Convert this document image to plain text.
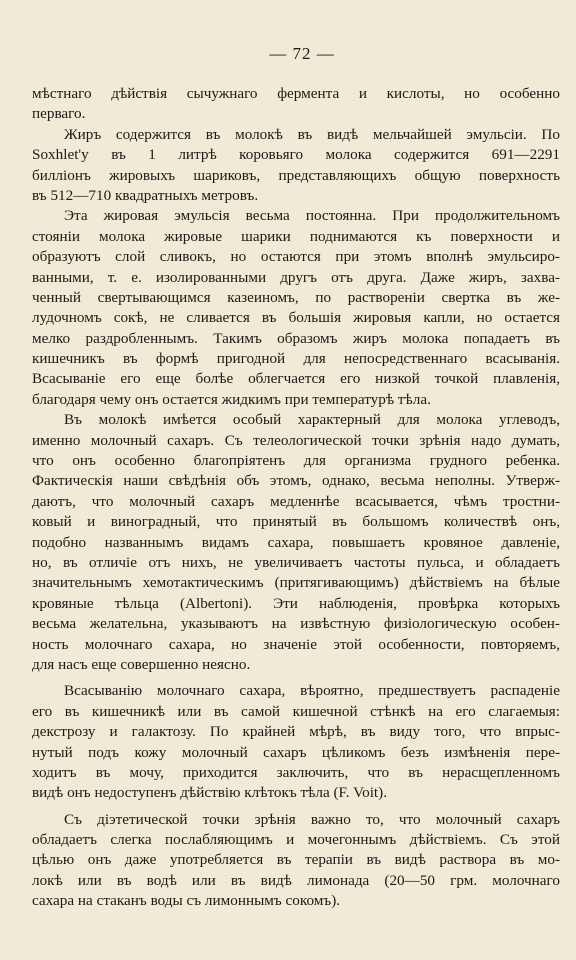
— 72 —
мѣстнаго дѣйствія сычужнаго фермента и кислоты, но особенно
перваго.
Жиръ содержится въ молокѣ въ видѣ мельчайшей эмульсіи. По
Soxhlet'у въ 1 литрѣ коровьяго молока содержится 691—2291
билліонъ жировыхъ шариковъ, представляющихъ общую поверхность
въ 512—710 квадратныхъ метровъ.
Эта жировая эмульсія весьма постоянна. При продолжительномъ
стояніи молока жировые шарики поднимаются къ поверхности и
образуютъ слой сливокъ, но остаются при этомъ вполнѣ эмульсиро-
ванными, т. е. изолированными другъ отъ друга. Даже жиръ, захва-
ченный свертывающимся казеиномъ, по раствореніи свертка въ же-
лудочномъ сокѣ, не сливается въ большія жировыя капли, но остается
мелко раздробленнымъ. Такимъ образомъ жиръ молока попадаетъ въ
кишечникъ въ формѣ пригодной для непосредственнаго всасыванія.
Всасываніе его еще болѣе облегчается его низкой точкой плавленія,
благодаря чему онъ остается жидкимъ при температурѣ тѣла.
Въ молокѣ имѣется особый характерный для молока углеводъ,
именно молочный сахаръ. Съ телеологической точки зрѣнія надо думать,
что онъ особенно благопріятенъ для организма грудного ребенка.
Фактическія наши свѣдѣнія объ этомъ, однако, весьма неполны. Утверж-
даютъ, что молочный сахаръ медленнѣе всасывается, чѣмъ тростни-
ковый и виноградный, что принятый въ большомъ количествѣ онъ,
подобно названнымъ видамъ сахара, повышаетъ кровяное давленіе,
но, въ отличіе отъ нихъ, не увеличиваетъ частоты пульса, и обладаетъ
значительнымъ хемотактическимъ (притягивающимъ) дѣйствіемъ на бѣлые
кровяные тѣльца (Albertoni). Эти наблюденія, провѣрка которыхъ
весьма желательна, указываютъ на извѣстную физіологическую особен-
ность молочнаго сахара, но значеніе этой особенности, повторяемъ,
для насъ еще совершенно неясно.
Всасыванію молочнаго сахара, вѣроятно, предшествуетъ распаденіе
его въ кишечникѣ или въ самой кишечной стѣнкѣ на его слагаемыя:
декстрозу и галактозу. По крайней мѣрѣ, въ виду того, что впрыс-
нутый подъ кожу молочный сахаръ цѣликомъ безъ измѣненія пере-
ходитъ въ мочу, приходится заключить, что въ нерасщепленномъ
видѣ онъ недоступенъ дѣйствію клѣтокъ тѣла (F. Voit).
Съ діэтетической точки зрѣнія важно то, что молочный сахаръ
обладаетъ слегка послабляющимъ и мочегоннымъ дѣйствіемъ. Съ этой
цѣлью онъ даже употребляется въ терапіи въ видѣ раствора въ мо-
локѣ или въ водѣ или въ видѣ лимонада (20—50 грм. молочнаго
сахара на стаканъ воды съ лимоннымъ сокомъ).
